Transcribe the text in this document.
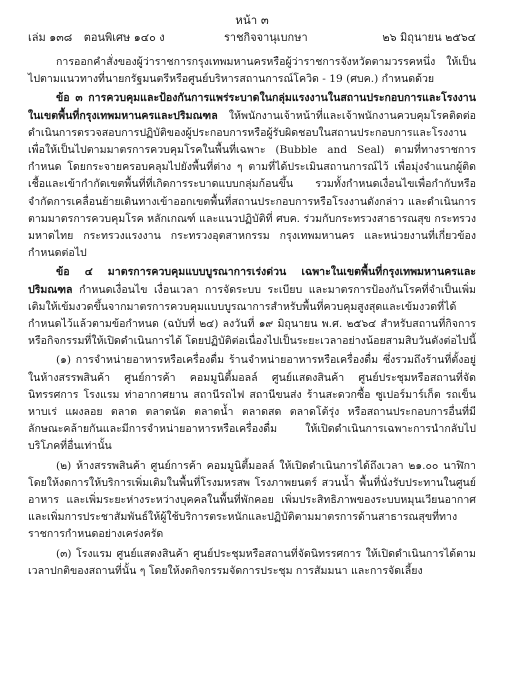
หน้า ๓
เล่ม ๑๓๘ ตอนพิเศษ ๑๔๐ ง	ราชกิจจานุเบกษา	๒๖ มิถุนายน ๒๕๖๔

การออกคำสั่งของผู้ว่าราชการกรุงเทพมหานครหรือผู้ว่าราชการจังหวัดตามวรรคหนึ่ง ให้เป็นไปตามแนวทางที่นายกรัฐมนตรีหรือศูนย์บริหารสถานการณ์โควิด - 19 (ศบค.) กำหนดด้วย

ข้อ ๓ การควบคุมและป้องกันการแพร่ระบาดในกลุ่มแรงงานในสถานประกอบการและโรงงานในเขตพื้นที่กรุงเทพมหานครและปริมณฑล ให้พนักงานเจ้าหน้าที่และเจ้าพนักงานควบคุมโรคติดต่อดำเนินการตรวจสอบการปฏิบัติของผู้ประกอบการหรือผู้รับผิดชอบในสถานประกอบการและโรงงาน เพื่อให้เป็นไปตามมาตรการควบคุมโรคในพื้นที่เฉพาะ (Bubble and Seal) ตามที่ทางราชการกำหนด โดยกระจายครอบคลุมไปยังพื้นที่ต่าง ๆ ตามที่ได้ประเมินสถานการณ์ไว้ เพื่อมุ่งจำแนกผู้ติดเชื้อและเข้ากำกัดเขตพื้นที่ที่เกิดการระบาดแบบกลุ่มก้อนขึ้น รวมทั้งกำหนดเงื่อนไขเพื่อกำกับหรือจำกัดการเคลื่อนย้ายเดินทางเข้าออกเขตพื้นที่สถานประกอบการหรือโรงงานดังกล่าว และดำเนินการตามมาตรการควบคุมโรค หลักเกณฑ์ และแนวปฏิบัติที่ ศบค. ร่วมกับกระทรวงสาธารณสุข กระทรวงมหาดไทย กระทรวงแรงงาน กระทรวงอุตสาหกรรม กรุงเทพมหานคร และหน่วยงานที่เกี่ยวข้องกำหนดต่อไป

ข้อ ๔ มาตรการควบคุมแบบบูรณาการเร่งด่วน เฉพาะในเขตพื้นที่กรุงเทพมหานครและปริมณฑล กำหนดเงื่อนไข เงื่อนเวลา การจัดระบบ ระเบียบ และมาตรการป้องกันโรคที่จำเป็นเพิ่มเติมให้เข้มงวดขึ้นจากมาตรการควบคุมแบบบูรณาการสำหรับพื้นที่ควบคุมสูงสุดและเข้มงวดที่ได้กำหนดไว้แล้วตามข้อกำหนด (ฉบับที่ ๒๔) ลงวันที่ ๑๙ มิถุนายน พ.ศ. ๒๕๖๔ สำหรับสถานที่กิจการ หรือกิจกรรมที่ให้เปิดดำเนินการได้ โดยปฏิบัติต่อเนื่องไปเป็นระยะเวลาอย่างน้อยสามสิบวันดังต่อไปนี้

(๑) การจำหน่ายอาหารหรือเครื่องดื่ม ร้านจำหน่ายอาหารหรือเครื่องดื่ม ซึ่งรวมถึงร้านที่ตั้งอยู่ในห้างสรรพสินค้า ศูนย์การค้า คอมมูนิตี้มอลล์ ศูนย์แสดงสินค้า ศูนย์ประชุมหรือสถานที่จัดนิทรรศการ โรงแรม ท่าอากาศยาน สถานีรถไฟ สถานีขนส่ง ร้านสะดวกซื้อ ซูเปอร์มาร์เก็ต รถเข็น หาบเร่ แผงลอย ตลาด ตลาดนัด ตลาดน้ำ ตลาดสด ตลาดโต้รุ่ง หรือสถานประกอบการอื่นที่มีลักษณะคล้ายกันและมีการจำหน่ายอาหารหรือเครื่องดื่ม ให้เปิดดำเนินการเฉพาะการนำกลับไปบริโภคที่อื่นเท่านั้น

(๒) ห้างสรรพสินค้า ศูนย์การค้า คอมมูนิตี้มอลล์ ให้เปิดดำเนินการได้ถึงเวลา ๒๑.๐๐ นาฬิกา โดยให้งดการให้บริการเพิ่มเติมในพื้นที่โรงมหรสพ โรงภาพยนตร์ สวนน้ำ พื้นที่นั่งรับประทานในศูนย์อาหาร และเพิ่มระยะห่างระหว่างบุคคลในพื้นที่พักคอย เพิ่มประสิทธิภาพของระบบหมุนเวียนอากาศ และเพิ่มการประชาสัมพันธ์ให้ผู้ใช้บริการตระหนักและปฏิบัติตามมาตรการด้านสาธารณสุขที่ทางราชการกำหนดอย่างเคร่งครัด

(๓) โรงแรม ศูนย์แสดงสินค้า ศูนย์ประชุมหรือสถานที่จัดนิทรรศการ ให้เปิดดำเนินการได้ตามเวลาปกติของสถานที่นั้น ๆ โดยให้งดกิจกรรมจัดการประชุม การสัมมนา และการจัดเลี้ยง
